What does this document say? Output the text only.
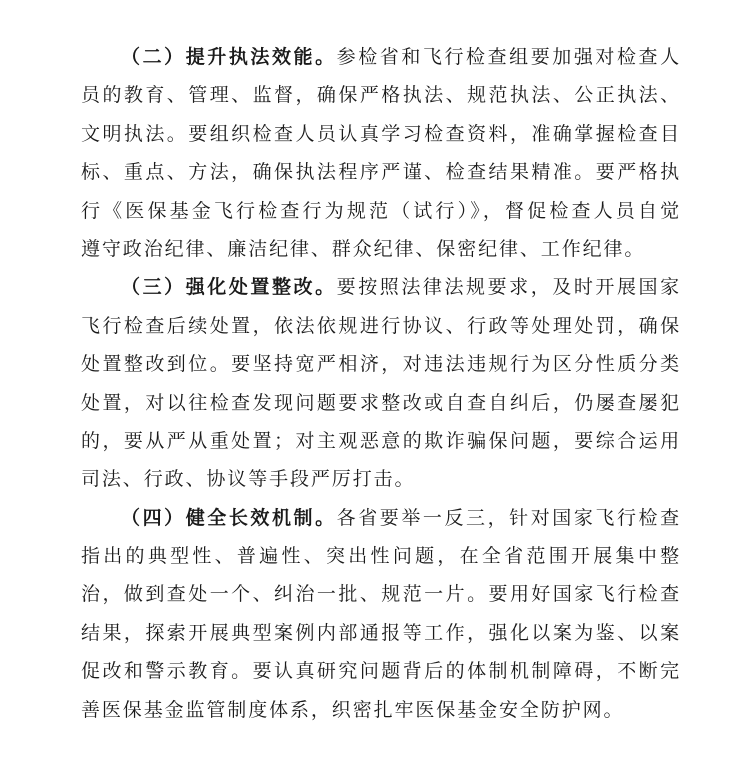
（二）提升执法效能。参检省和飞行检查组要加强对检查人
员的教育、管理、监督，确保严格执法、规范执法、公正执法、
文明执法。要组织检查人员认真学习检查资料，准确掌握检查目
标、重点、方法，确保执法程序严谨、检查结果精准。要严格执
行《医保基金飞行检查行为规范（试行）》，督促检查人员自觉
遵守政治纪律、廉洁纪律、群众纪律、保密纪律、工作纪律。
（三）强化处置整改。要按照法律法规要求，及时开展国家
飞行检查后续处置，依法依规进行协议、行政等处理处罚，确保
处置整改到位。要坚持宽严相济，对违法违规行为区分性质分类
处置，对以往检查发现问题要求整改或自查自纠后，仍屡查屡犯
的，要从严从重处置；对主观恶意的欺诈骗保问题，要综合运用
司法、行政、协议等手段严厉打击。
（四）健全长效机制。各省要举一反三，针对国家飞行检查
指出的典型性、普遍性、突出性问题，在全省范围开展集中整
治，做到查处一个、纠治一批、规范一片。要用好国家飞行检查
结果，探索开展典型案例内部通报等工作，强化以案为鉴、以案
促改和警示教育。要认真研究问题背后的体制机制障碍，不断完
善医保基金监管制度体系，织密扎牢医保基金安全防护网。
